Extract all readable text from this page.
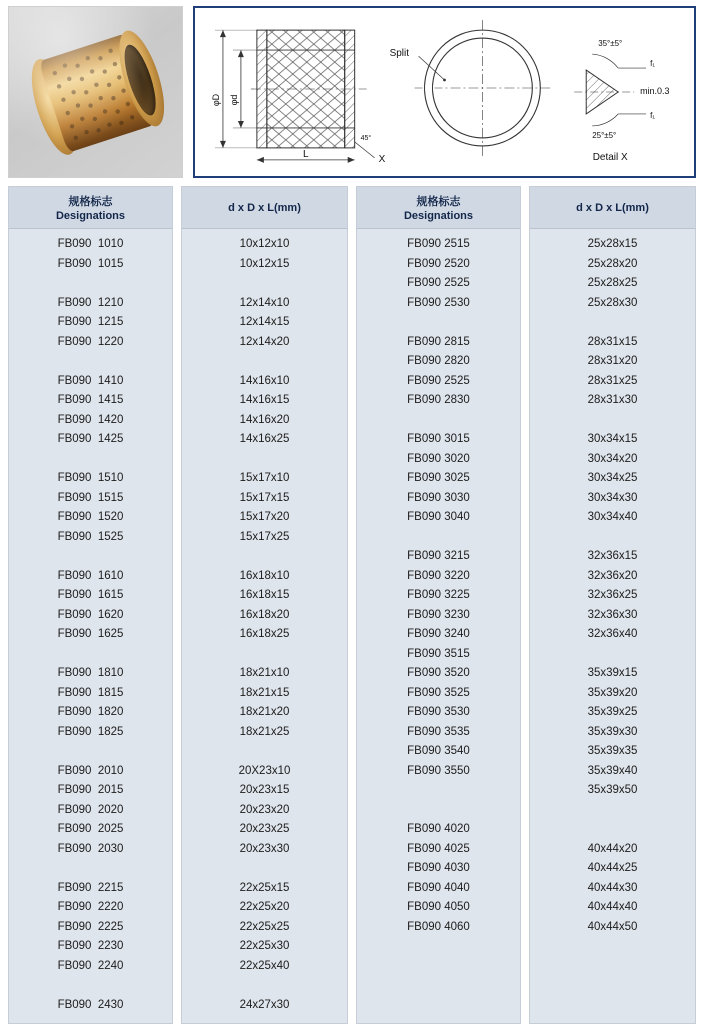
φD φd
L
45°
X
Split
35°±5°
25°±5°
f₁
f₁
min.0.3
Detail X
规格标志
Designations
FB090  1010
FB090  1015
FB090  1210
FB090  1215
FB090  1220
FB090  1410
FB090  1415
FB090  1420
FB090  1425
FB090  1510
FB090  1515
FB090  1520
FB090  1525
FB090  1610
FB090  1615
FB090  1620
FB090  1625
FB090  1810
FB090  1815
FB090  1820
FB090  1825
FB090  2010
FB090  2015
FB090  2020
FB090  2025
FB090  2030
FB090  2215
FB090  2220
FB090  2225
FB090  2230
FB090  2240
FB090  2430
d x D x L(mm)
10x12x10
10x12x15
12x14x10
12x14x15
12x14x20
14x16x10
14x16x15
14x16x20
14x16x25
15x17x10
15x17x15
15x17x20
15x17x25
16x18x10
16x18x15
16x18x20
16x18x25
18x21x10
18x21x15
18x21x20
18x21x25
20X23x10
20x23x15
20x23x20
20x23x25
20x23x30
22x25x15
22x25x20
22x25x25
22x25x30
22x25x40
24x27x30
规格标志
Designations
FB090 2515
FB090 2520
FB090 2525
FB090 2530
FB090 2815
FB090 2820
FB090 2525
FB090 2830
FB090 3015
FB090 3020
FB090 3025
FB090 3030
FB090 3040
FB090 3215
FB090 3220
FB090 3225
FB090 3230
FB090 3240
FB090 3515
FB090 3520
FB090 3525
FB090 3530
FB090 3535
FB090 3540
FB090 3550
FB090 4020
FB090 4025
FB090 4030
FB090 4040
FB090 4050
FB090 4060
d x D x L(mm)
25x28x15
25x28x20
25x28x25
25x28x30
28x31x15
28x31x20
28x31x25
28x31x30
30x34x15
30x34x20
30x34x25
30x34x30
30x34x40
32x36x15
32x36x20
32x36x25
32x36x30
32x36x40
35x39x15
35x39x20
35x39x25
35x39x30
35x39x35
35x39x40
35x39x50
40x44x20
40x44x25
40x44x30
40x44x40
40x44x50
